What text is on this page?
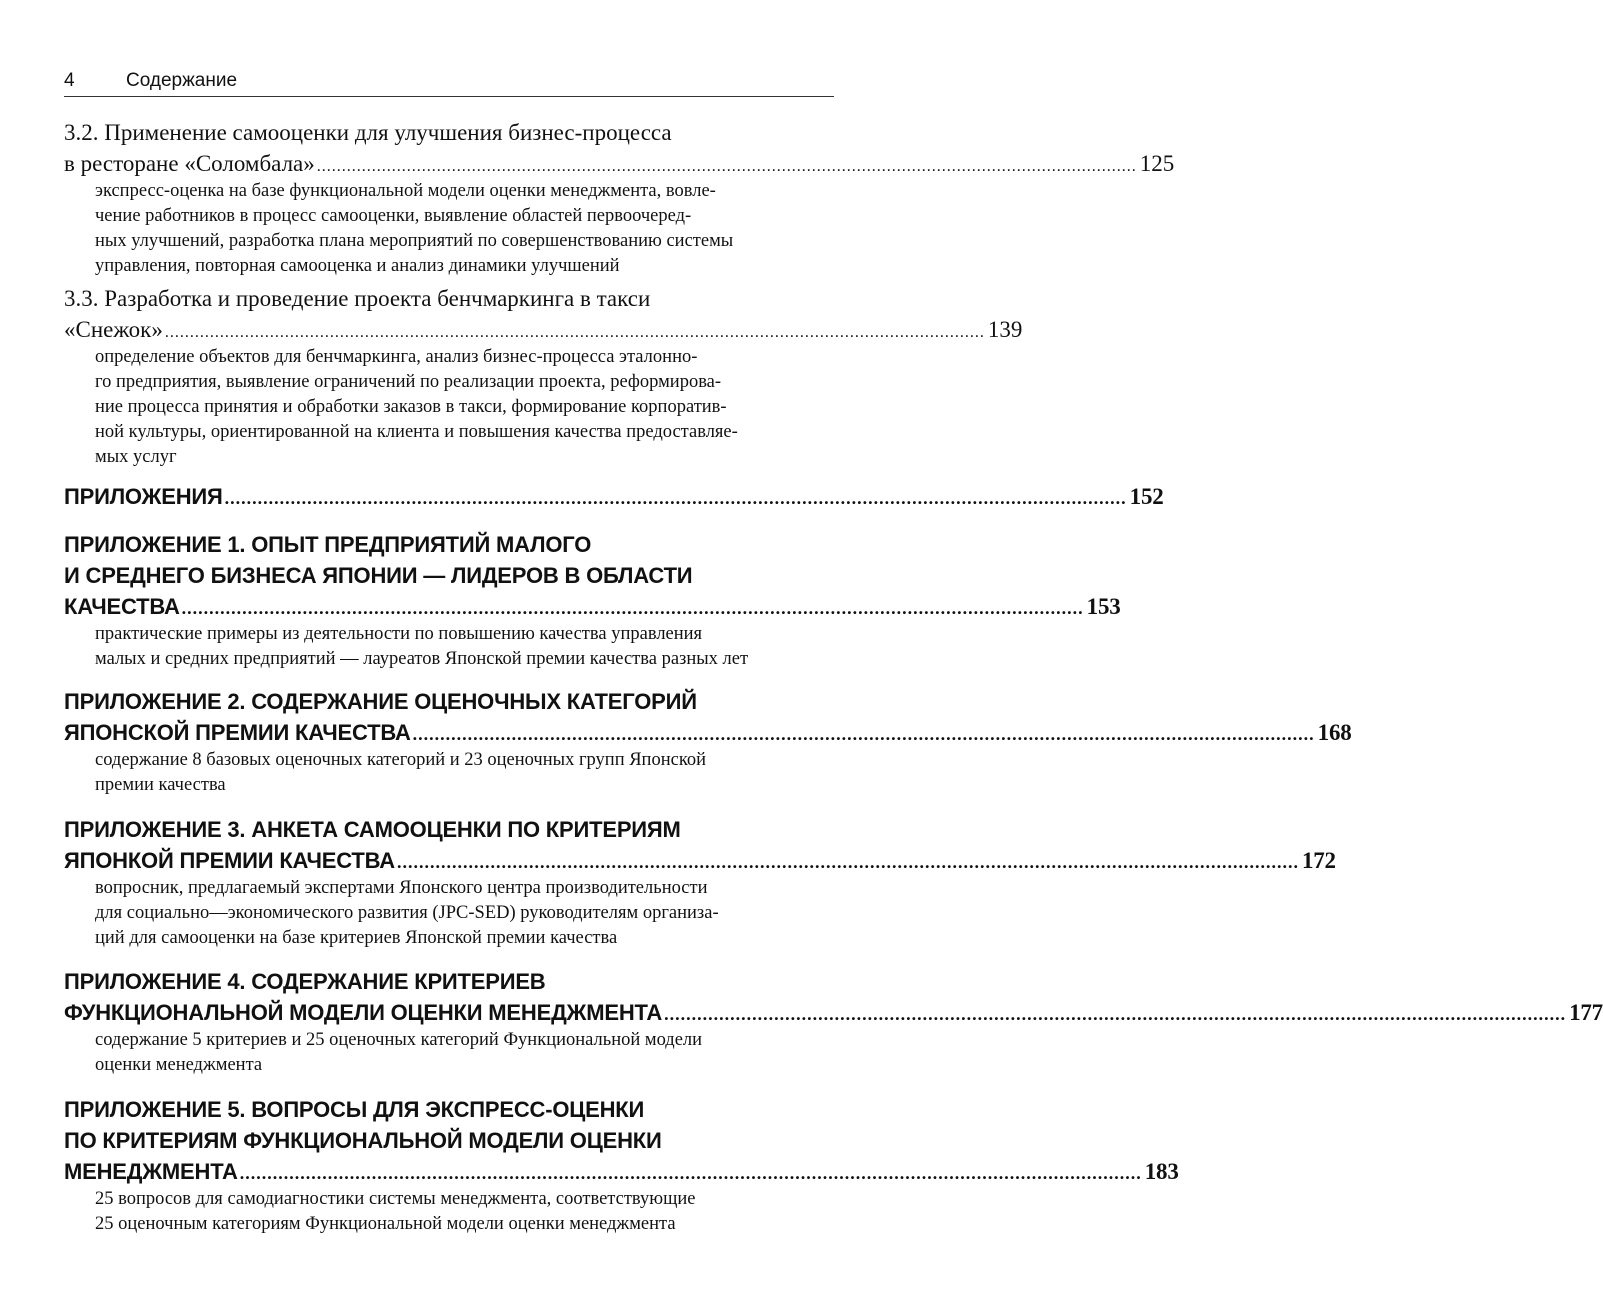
4	Содержание
3.2. Применение самооценки для улучшения бизнес-процесса
в ресторане «Соломбала» .................................................................................................................................................................... 125
экспресс-оценка на базе функциональной модели оценки менеджмента, вовле-
чение работников в процесс самооценки, выявление областей первоочеред-
ных улучшений, разработка плана мероприятий по совершенствованию системы
управления, повторная самооценка и анализ динамики улучшений
3.3. Разработка и проведение проекта бенчмаркинга в такси
«Снежок» .................................................................................................................................................................... 139
определение объектов для бенчмаркинга, анализ бизнес-процесса эталонно-
го предприятия, выявление ограничений по реализации проекта, реформирова-
ние процесса принятия и обработки заказов в такси, формирование корпоратив-
ной культуры, ориентированной на клиента и повышения качества предоставляе-
мых услуг
ПРИЛОЖЕНИЯ .................................................................................................................................................................... 152
ПРИЛОЖЕНИЕ 1. ОПЫТ ПРЕДПРИЯТИЙ МАЛОГО
И СРЕДНЕГО БИЗНЕСА ЯПОНИИ — ЛИДЕРОВ В ОБЛАСТИ
КАЧЕСТВА .................................................................................................................................................................... 153
практические примеры из деятельности по повышению качества управления
малых и средних предприятий — лауреатов Японской премии качества разных лет
ПРИЛОЖЕНИЕ 2. СОДЕРЖАНИЕ ОЦЕНОЧНЫХ КАТЕГОРИЙ
ЯПОНСКОЙ ПРЕМИИ КАЧЕСТВА .................................................................................................................................................................... 168
содержание 8 базовых оценочных категорий и 23 оценочных групп Японской
премии качества
ПРИЛОЖЕНИЕ 3. АНКЕТА САМООЦЕНКИ ПО КРИТЕРИЯМ
ЯПОНКОЙ ПРЕМИИ КАЧЕСТВА .................................................................................................................................................................... 172
вопросник, предлагаемый экспертами Японского центра производительности
для социально—экономического развития (JPC-SED) руководителям организа-
ций для самооценки на базе критериев Японской премии качества
ПРИЛОЖЕНИЕ 4. СОДЕРЖАНИЕ КРИТЕРИЕВ
ФУНКЦИОНАЛЬНОЙ МОДЕЛИ ОЦЕНКИ МЕНЕДЖМЕНТА .................................................................................................................................................................... 177
содержание 5 критериев и 25 оценочных категорий Функциональной модели
оценки менеджмента
ПРИЛОЖЕНИЕ 5. ВОПРОСЫ ДЛЯ ЭКСПРЕСС-ОЦЕНКИ
ПО КРИТЕРИЯМ ФУНКЦИОНАЛЬНОЙ МОДЕЛИ ОЦЕНКИ
МЕНЕДЖМЕНТА .................................................................................................................................................................... 183
25 вопросов для самодиагностики системы менеджмента, соответствующие
25 оценочным категориям Функциональной модели оценки менеджмента
